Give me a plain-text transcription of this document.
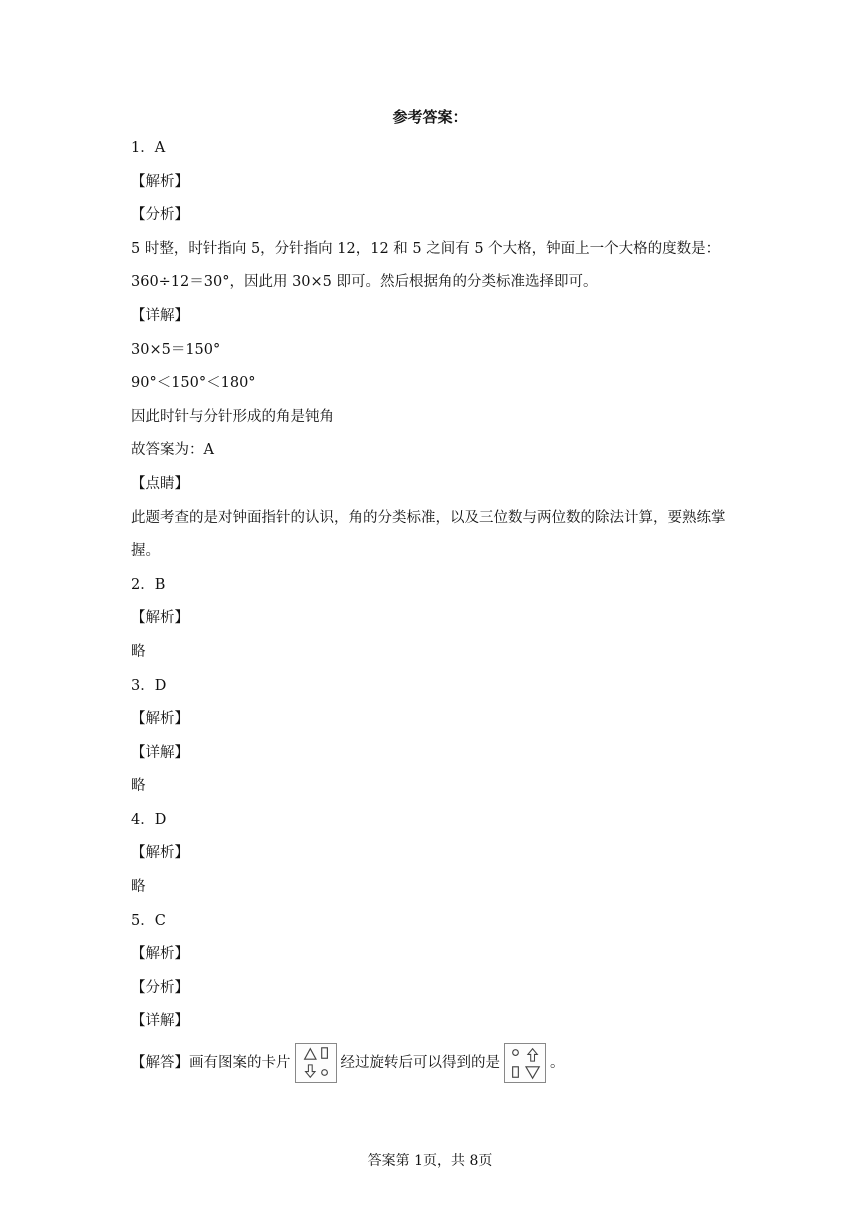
参考答案：
1．A
【解析】
【分析】
5 时整，时针指向 5，分针指向 12，12 和 5 之间有 5 个大格，钟面上一个大格的度数是：360÷12＝30°，因此用 30×5 即可。然后根据角的分类标准选择即可。
【详解】
30×5＝150°
90°＜150°＜180°
因此时针与分针形成的角是钝角
故答案为：A
【点睛】
此题考查的是对钟面指针的认识，角的分类标准，以及三位数与两位数的除法计算，要熟练掌握。
2．B
【解析】
略
3．D
【解析】
【详解】
略
4．D
【解析】
略
5．C
【解析】
【分析】
【详解】
【解答】画有图案的卡片	经过旋转后可以得到的是	。
答案第 1页，共 8页
